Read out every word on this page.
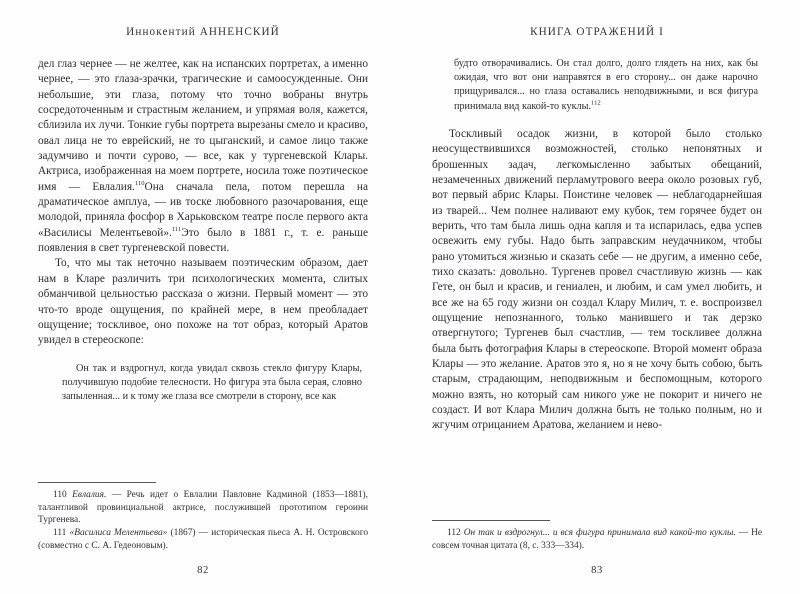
Иннокентий АННЕНСКИЙ

дел глаз чернее — не желтее, как на испанских портретах, а именно чернее, — это глаза-зрачки, трагические и самоосужденные. Они небольшие, эти глаза, потому что точно вобраны внутрь сосредоточенным и страстным желанием, и упрямая воля, кажется, сблизила их лучи. Тонкие губы портрета вырезаны смело и красиво, овал лица не то еврейский, не то цыганский, и самое лицо также задумчиво и почти сурово, — все, как у тургеневской Клары. Актриса, изображенная на моем портрете, носила тоже поэтическое имя — Евлалия.$^{110}$Она сначала пела, потом перешла на драматическое амплуа, — ив тоске любовного разочарования, еще молодой, приняла фосфор в Харьковском театре после первого акта «Василисы Мелентьевой».$^{111}$Это было в 1881 г., т. е. раньше появления в свет тургеневской повести.

То, что мы так неточно называем поэтическим образом, дает нам в Кларе различить три психологических момента, слитых обманчивой цельностью рассказа о жизни. Первый момент — это что-то вроде ощущения, по крайней мере, в нем преобладает ощущение; тоскливое, оно похоже на тот образ, который Аратов увидел в стереоскопе:

Он так и вздрогнул, когда увидал сквозь стекло фигуру Клары, получившую подобие телесности. Но фигура эта была серая, словно запыленная... и к тому же глаза все смотрели в сторону, все как

110 Евлалия. — Речь идет о Евлалии Павловне Кадминой (1853—1881), талантливой провинциальной актрисе, послужившей прототипом героини Тургенева.

111 «Василиса Мелентьева» (1867) — историческая пьеса А. Н. Островского (совместно с С. А. Гедеоновым).

82
КНИГА ОТРАЖЕНИЙ I
будто отворачивались. Он стал долго, долго глядеть на них, как бы ожидая, что вот они направятся в его сторону... он даже нарочно прищуривался... но глаза оставались неподвижными, и вся фигура принимала вид какой-то куклы.$^{112}$

Тоскливый осадок жизни, в которой было столько неосуществившихся возможностей, столько непонятных и брошенных задач, легкомысленно забытых обещаний, незамеченных движений перламутрового веера около розовых губ, вот первый абрис Клары. Поистине человек — неблагодарнейшая из тварей... Чем полнее наливают ему кубок, тем горячее будет он верить, что там была лишь одна капля и та испарилась, едва успев освежить ему губы. Надо быть заправским неудачником, чтобы рано утомиться жизнью и сказать себе — не другим, а именно себе, тихо сказать: довольно. Тургенев провел счастливую жизнь — как Гете, он был и красив, и гениален, и любим, и сам умел любить, и все же на 65 году жизни он создал Клару Милич, т. е. воспроизвел ощущение непознанного, только манившего и так дерзко отвергнутого; Тургенев был счастлив, — тем тоскливее должна была быть фотография Клары в стереоскопе. Второй момент образа Клары — это желание. Аратов это я, но я не хочу быть собою, быть старым, страдающим, неподвижным и беспомощным, которого можно взять, но который сам никого уже не покорит и ничего не создаст. И вот Клара Милич должна быть не только полным, но и жгучим отрицанием Аратова, желанием и нево-

112 Он так и вздрогнул... и вся фигура принимала вид какой-то куклы. — Не совсем точная цитата (8, с. 333—334).

83
